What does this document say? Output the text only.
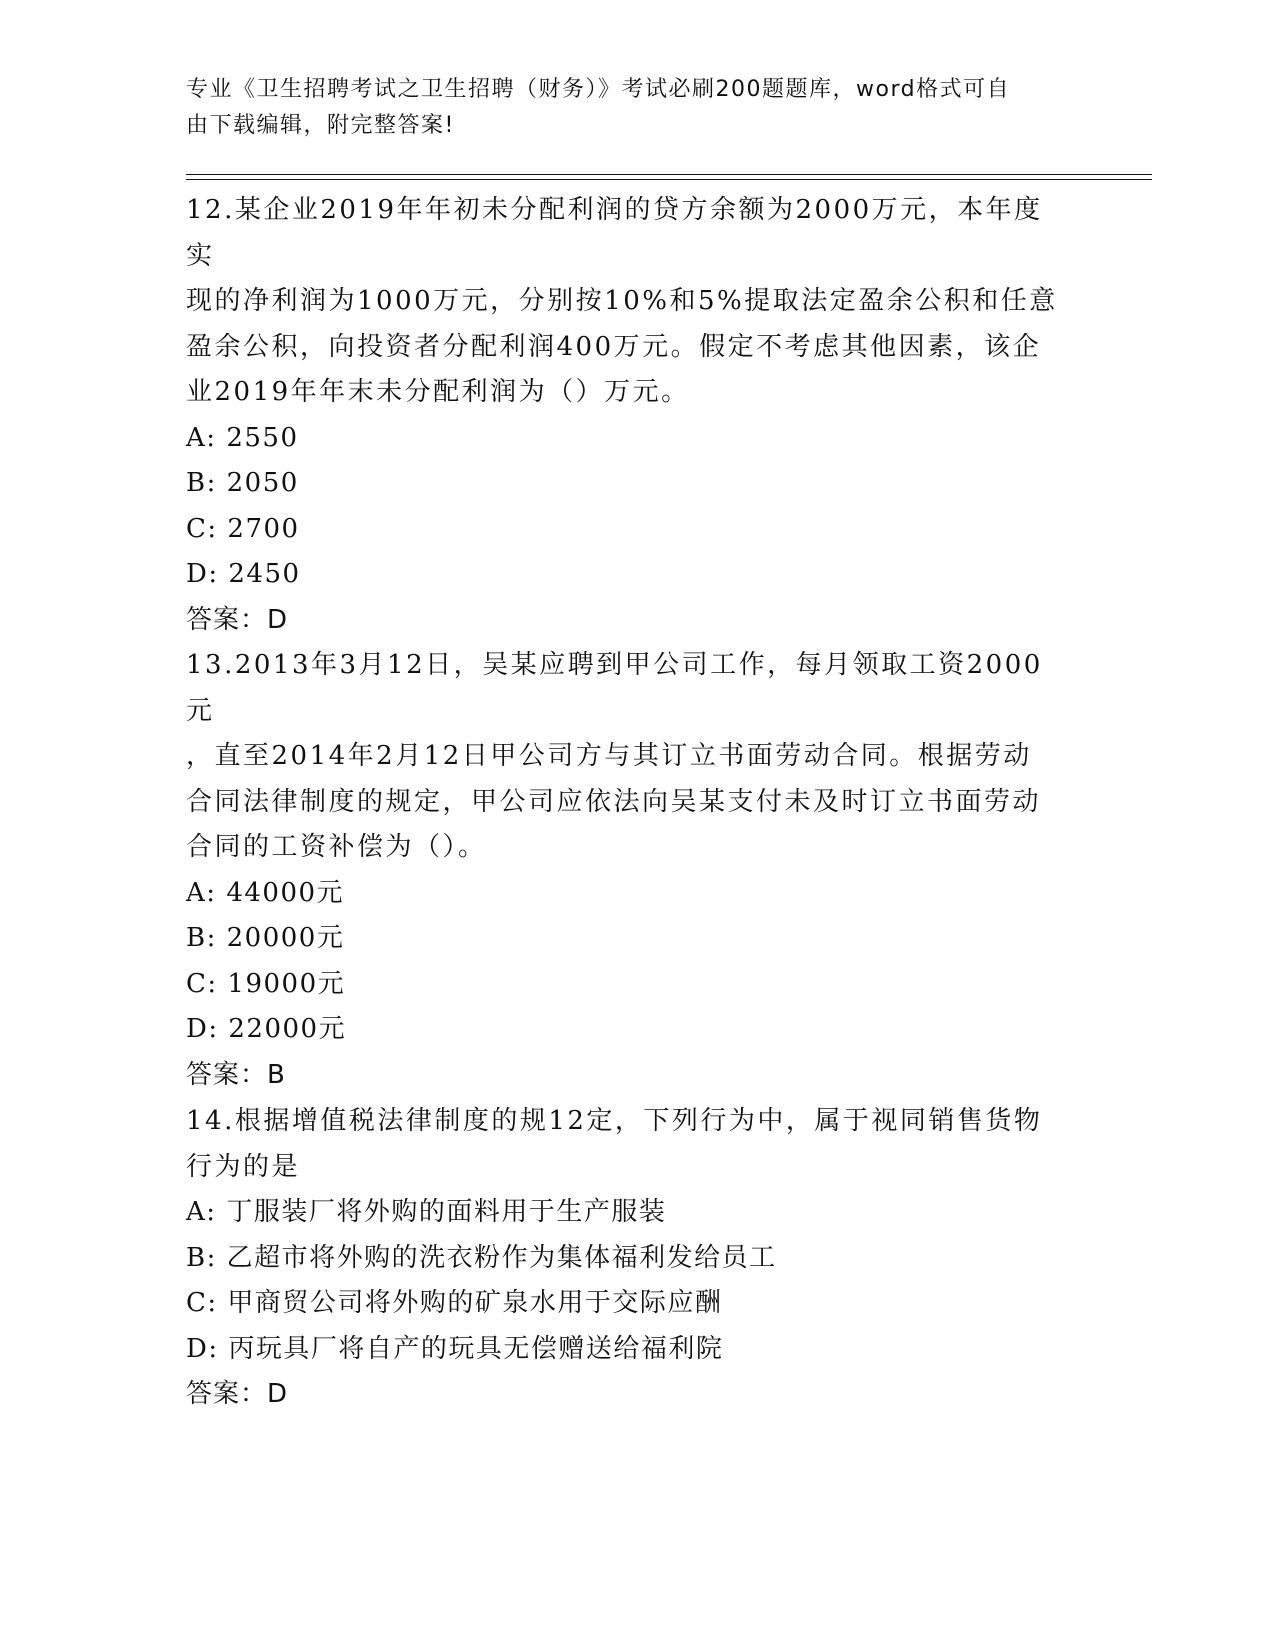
专业《卫生招聘考试之卫生招聘（财务）》考试必刷200题题库，word格式可自
由下载编辑，附完整答案!
12.某企业2019年年初未分配利润的贷方余额为2000万元，本年度实
现的净利润为1000万元，分别按10%和5%提取法定盈余公积和任意
盈余公积，向投资者分配利润400万元。假定不考虑其他因素，该企
业2019年年末未分配利润为（）万元。
A: 2550
B: 2050
C: 2700
D: 2450
答案：D
13.2013年3月12日，吴某应聘到甲公司工作，每月领取工资2000元
，直至2014年2月12日甲公司方与其订立书面劳动合同。根据劳动
合同法律制度的规定，甲公司应依法向吴某支付未及时订立书面劳动
合同的工资补偿为（）。
A: 44000元
B: 20000元
C: 19000元
D: 22000元
答案：B
14.根据增值税法律制度的规12定，下列行为中，属于视同销售货物
行为的是
A: 丁服装厂将外购的面料用于生产服装
B: 乙超市将外购的洗衣粉作为集体福利发给员工
C: 甲商贸公司将外购的矿泉水用于交际应酬
D: 丙玩具厂将自产的玩具无偿赠送给福利院
答案：D
